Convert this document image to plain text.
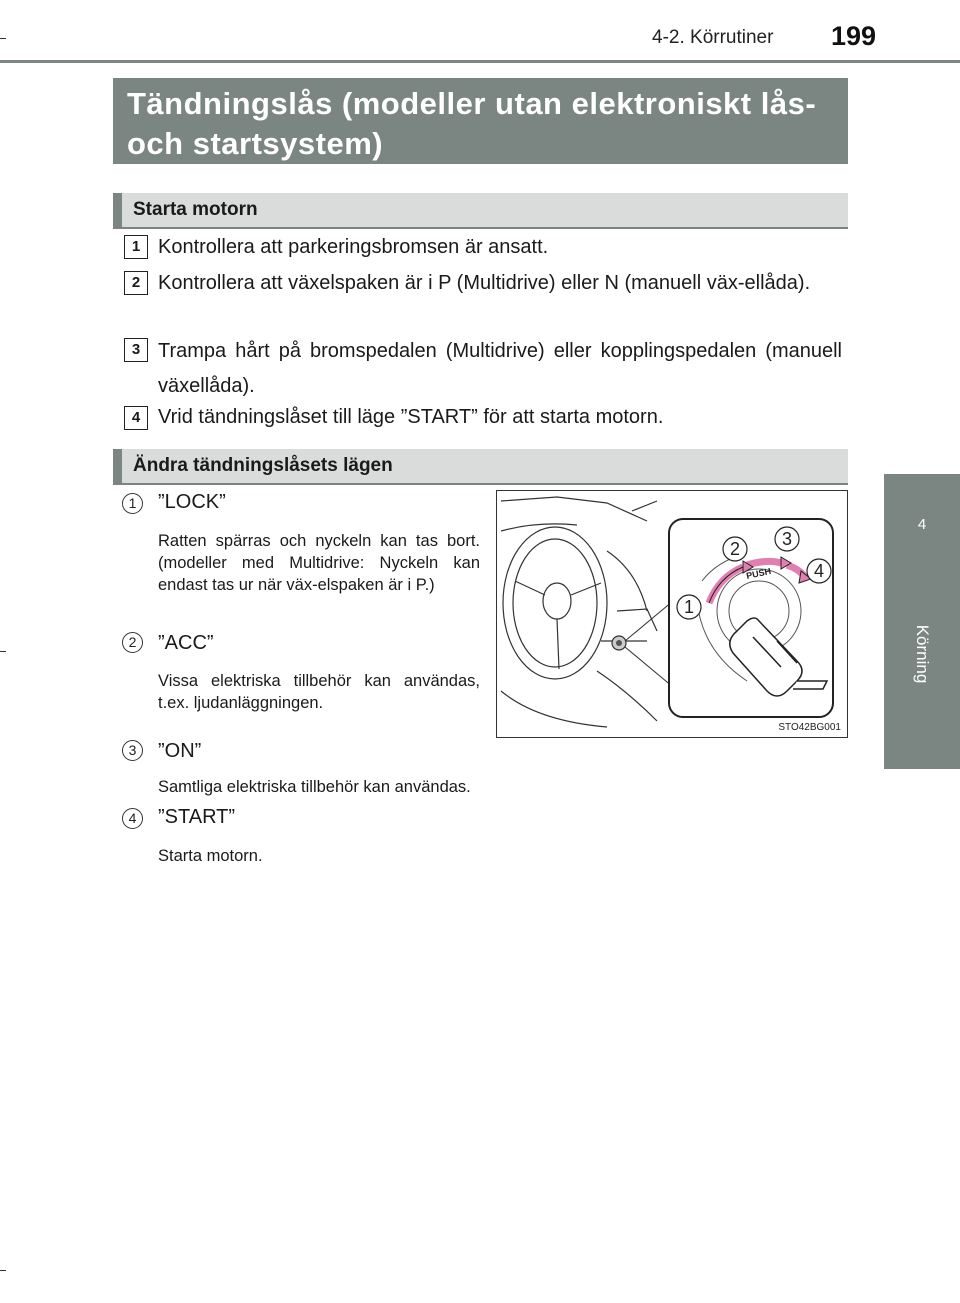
4-2. Körrutiner 199
4
Körning
Tändningslås (modeller utan elektroniskt lås- och startsystem)
Starta motorn
1 Kontrollera att parkeringsbromsen är ansatt.
2 Kontrollera att växelspaken är i P (Multidrive) eller N (manuell väx-ellåda).
3 Trampa hårt på bromspedalen (Multidrive) eller kopplingspedalen (manuell växellåda).
4 Vrid tändningslåset till läge ”START” för att starta motorn.
Ändra tändningslåsets lägen
1	”LOCK”
Ratten spärras och nyckeln kan tas bort. (modeller med Multidrive: Nyckeln kan endast tas ur när väx-elspaken är i P.)
2	”ACC”
Vissa elektriska tillbehör kan användas, t.ex. ljudanläggningen.
3	”ON”
Samtliga elektriska tillbehör kan användas.
4	”START”
Starta motorn.
PUSH
1
2 3
4
STO42BG001
